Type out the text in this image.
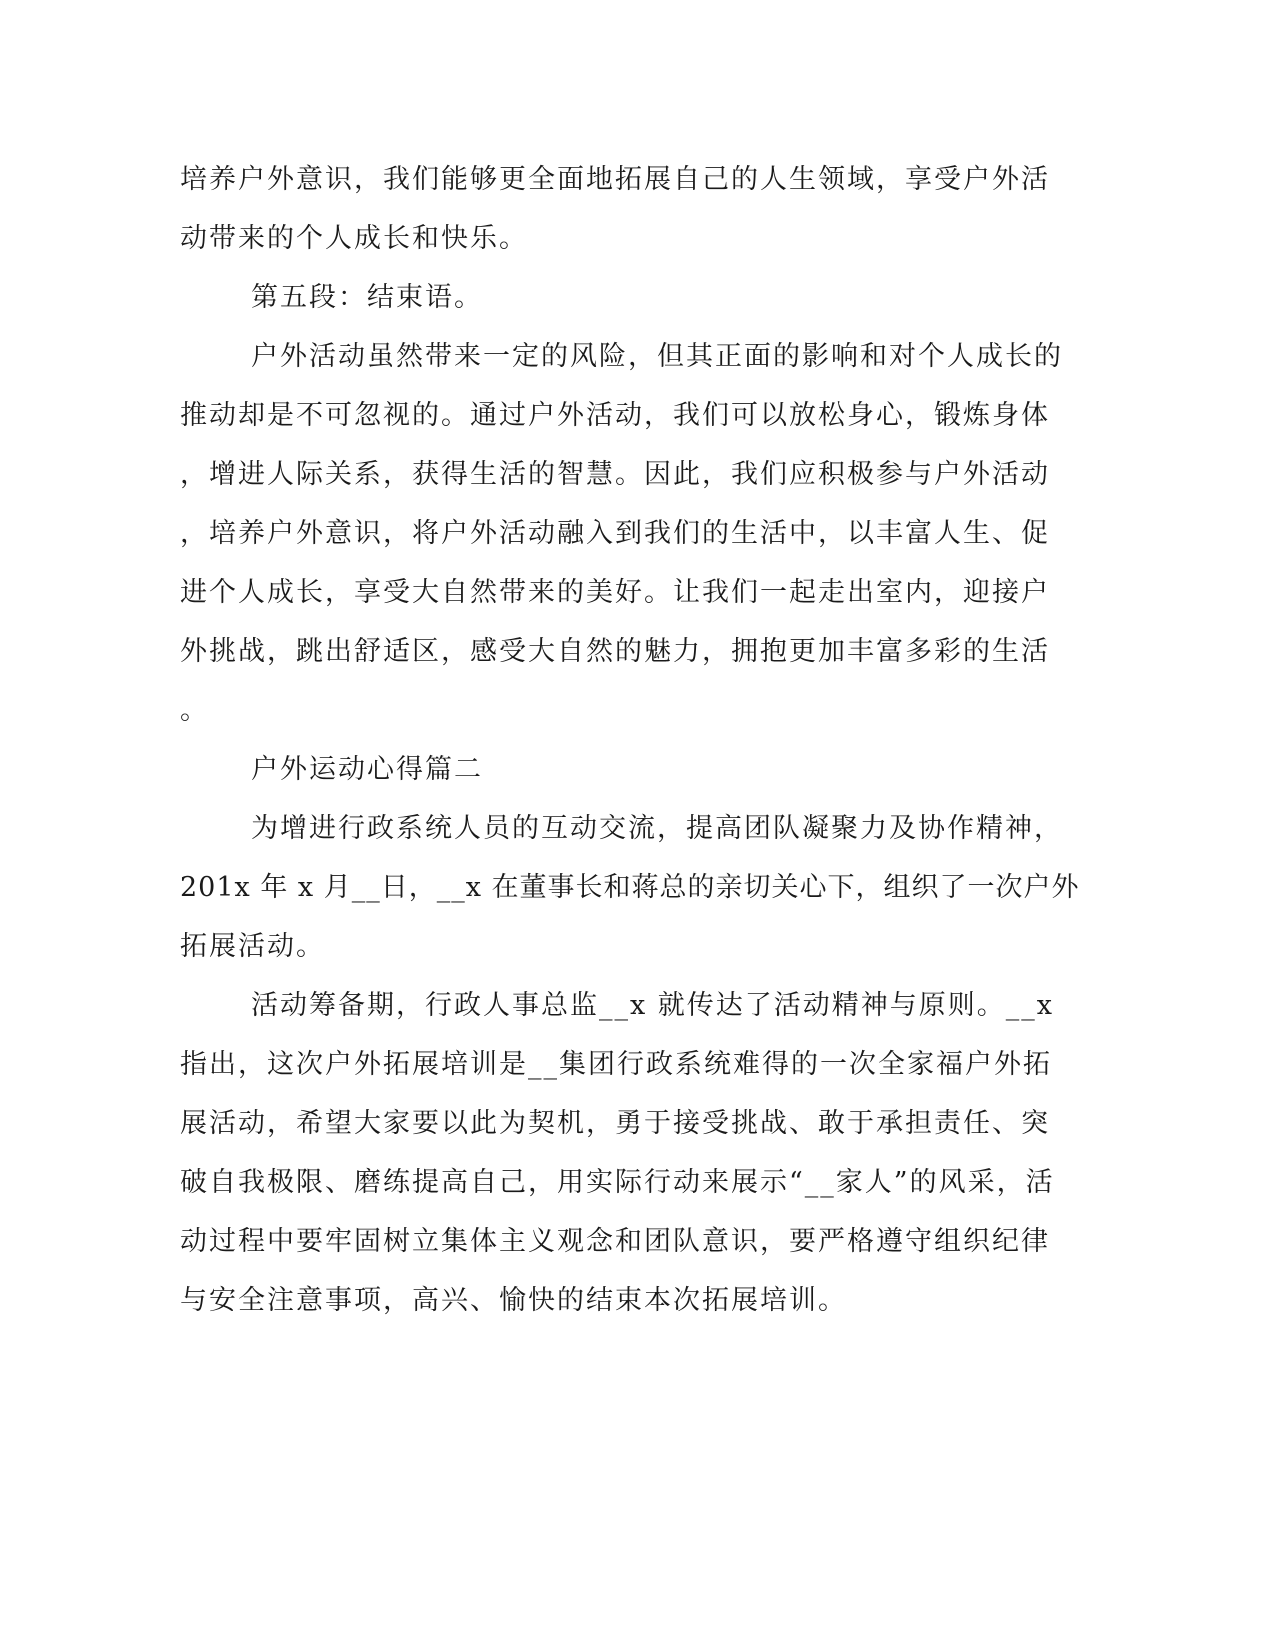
培养户外意识，我们能够更全面地拓展自己的人生领域，享受户外活

动带来的个人成长和快乐。

第五段：结束语。

户外活动虽然带来一定的风险，但其正面的影响和对个人成长的

推动却是不可忽视的。通过户外活动，我们可以放松身心，锻炼身体

，增进人际关系，获得生活的智慧。因此，我们应积极参与户外活动

，培养户外意识，将户外活动融入到我们的生活中，以丰富人生、促

进个人成长，享受大自然带来的美好。让我们一起走出室内，迎接户

外挑战，跳出舒适区，感受大自然的魅力，拥抱更加丰富多彩的生活

。

户外运动心得篇二

为增进行政系统人员的互动交流，提高团队凝聚力及协作精神，

201x 年 x 月__日，__x 在董事长和蒋总的亲切关心下，组织了一次户外

拓展活动。

活动筹备期，行政人事总监__x 就传达了活动精神与原则。__x

指出，这次户外拓展培训是__集团行政系统难得的一次全家福户外拓

展活动，希望大家要以此为契机，勇于接受挑战、敢于承担责任、突

破自我极限、磨练提高自己，用实际行动来展示“__家人”的风采，活

动过程中要牢固树立集体主义观念和团队意识，要严格遵守组织纪律

与安全注意事项，高兴、愉快的结束本次拓展培训。
